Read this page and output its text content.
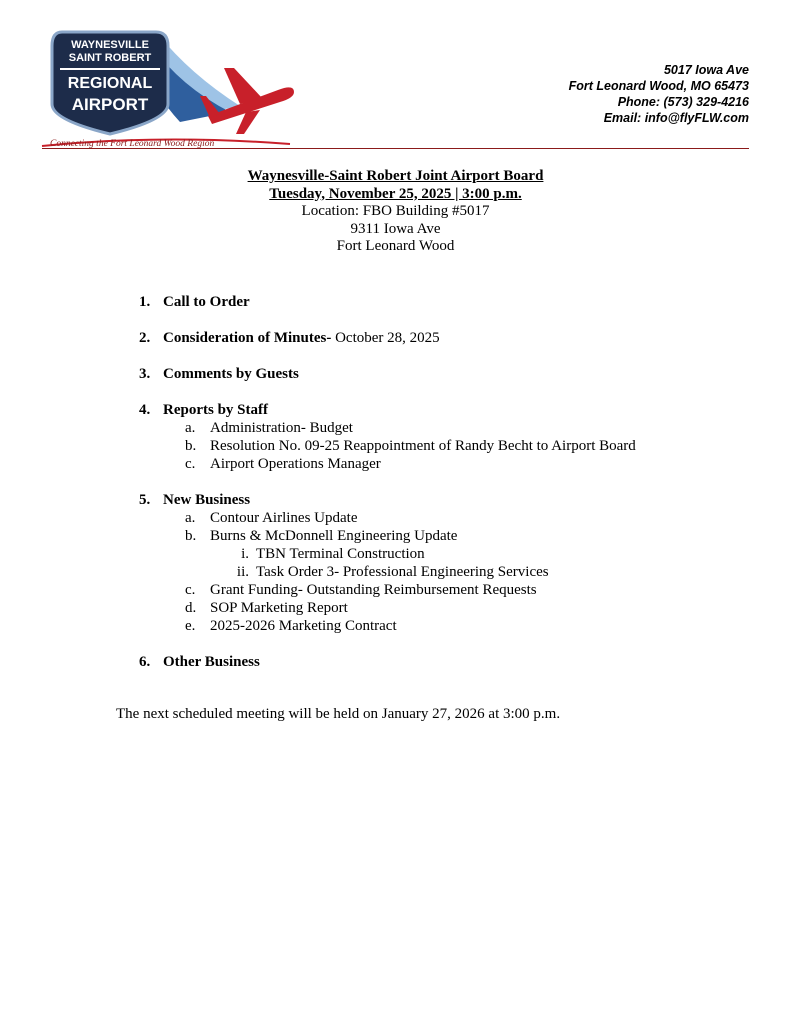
WAYNESVILLE
SAINT ROBERT
REGIONAL
AIRPORT
Connecting the Fort Leonard Wood Region
5017 Iowa Ave
Fort Leonard Wood, MO 65473
Phone: (573) 329-4216
Email: info@flyFLW.com
Waynesville-Saint Robert Joint Airport Board
Tuesday, November 25, 2025 | 3:00 p.m.
Location: FBO Building #5017
9311 Iowa Ave
Fort Leonard Wood
1. Call to Order
2. Consideration of Minutes- October 28, 2025
3. Comments by Guests
4. Reports by Staff
a. Administration- Budget
b. Resolution No. 09-25 Reappointment of Randy Becht to Airport Board
c. Airport Operations Manager
5. New Business
a. Contour Airlines Update
b. Burns & McDonnell Engineering Update
i. TBN Terminal Construction
ii. Task Order 3- Professional Engineering Services
c. Grant Funding- Outstanding Reimbursement Requests
d. SOP Marketing Report
e. 2025-2026 Marketing Contract
6. Other Business
The next scheduled meeting will be held on January 27, 2026 at 3:00 p.m.
